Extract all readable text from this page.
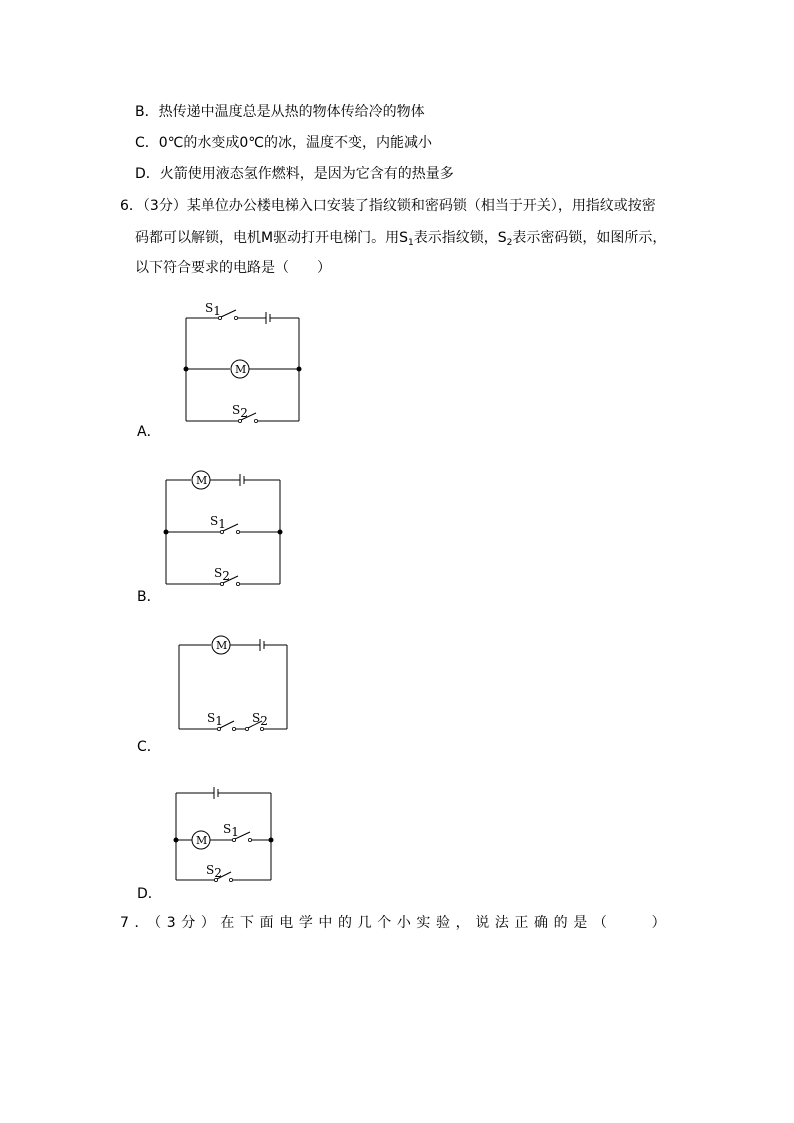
B．热传递中温度总是从热的物体传给冷的物体
C．0℃的水变成0℃的冰，温度不变，内能减小
D．火箭使用液态氢作燃料，是因为它含有的热量多
6．（3分）某单位办公楼电梯入口安装了指纹锁和密码锁（相当于开关），用指纹或按密
码都可以解锁，电机M驱动打开电梯门。用$S_1$表示指纹锁，$S_2$表示密码锁，如图所示，
以下符合要求的电路是（　　）
S1
M
S2
A．
M
S1
S2
B．
M
S1 S2
C．
M
S1
S2
D．
7．（3分）在下面电学中的几个小实验，说法正确的是（　　）
